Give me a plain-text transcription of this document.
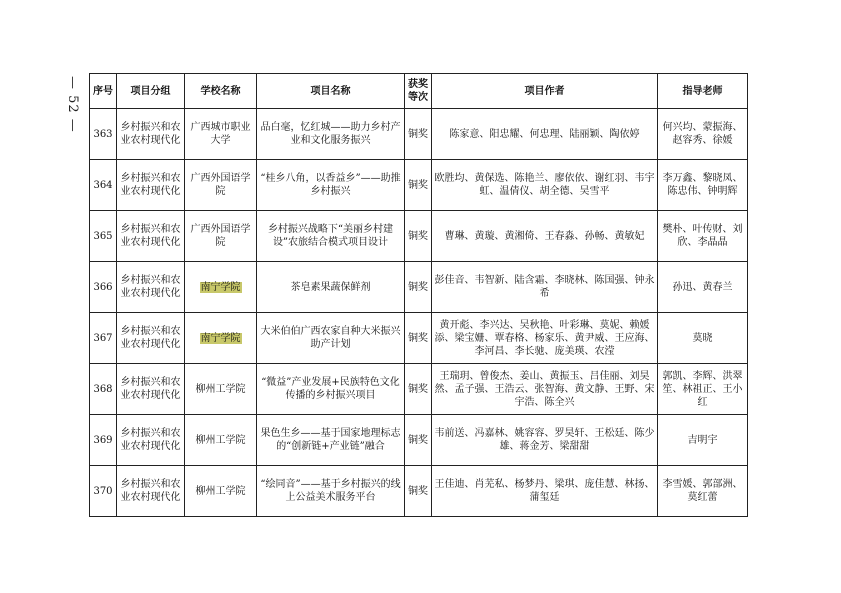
— 52 — 序号	项目分组	学校名称	项目名称	获奖等次	项目作者	指导老师
363	乡村振兴和农业农村现代化	广西城市职业大学	品白毫，忆红城——助力乡村产业和文化服务振兴	铜奖	陈家意、阳忠耀、何忠理、陆丽颖、陶依婷	何兴均、蒙振海、赵容秀、徐媛
364	乡村振兴和农业农村现代化	广西外国语学院	“桂乡八角，以香益乡”——助推乡村振兴	铜奖	欧胜均、黄保选、陈艳兰、廖依依、谢红羽、韦宇虹、温倩仪、胡全德、吴雪平	李万鑫、黎晓凤、陈忠伟、钟明辉
365	乡村振兴和农业农村现代化	广西外国语学院	乡村振兴战略下“美丽乡村建设”农旅结合模式项目设计	铜奖	曹琳、黄璇、黄湘倚、王春淼、孙畅、黄敏妃	樊朴、叶传财、刘欣、李晶晶
366	乡村振兴和农业农村现代化	南宁学院	茶皂素果蔬保鲜剂	铜奖	彭佳音、韦智新、陆含霜、李晓林、陈国强、钟永希	孙迅、黄春兰
367	乡村振兴和农业农村现代化	南宁学院	大米伯伯广西农家自种大米振兴助产计划	铜奖	黄开彪、李兴达、吴秋艳、叶彩琳、莫妮、赖媛添、梁宝姗、覃春格、杨家乐、黄尹威、王应海、李河昌、李长驰、庞美瑛、农滢	莫晓
368	乡村振兴和农业农村现代化	柳州工学院	“微益”产业发展+民族特色文化传播的乡村振兴项目	铜奖	王瑞玥、曾俊杰、姜山、黄振玉、吕佳丽、刘昊然、孟子强、王浩云、张智海、黄文静、王野、宋宇浩、陈全兴	郭凯、李辉、洪翠笙、林祖正、王小红
369	乡村振兴和农业农村现代化	柳州工学院	果色生乡——基于国家地理标志的“创新链+产业链”融合	铜奖	韦前送、冯嘉林、姚容容、罗昊轩、王松廷、陈少雄、蒋金芳、梁甜甜	吉明宇
370	乡村振兴和农业农村现代化	柳州工学院	“绘同音”——基于乡村振兴的线上公益美术服务平台	铜奖	王佳迪、肖芜私、杨梦丹、梁琪、庞佳慧、林扬、蒲玺廷	李雪媛、郭部洲、莫红蕾
